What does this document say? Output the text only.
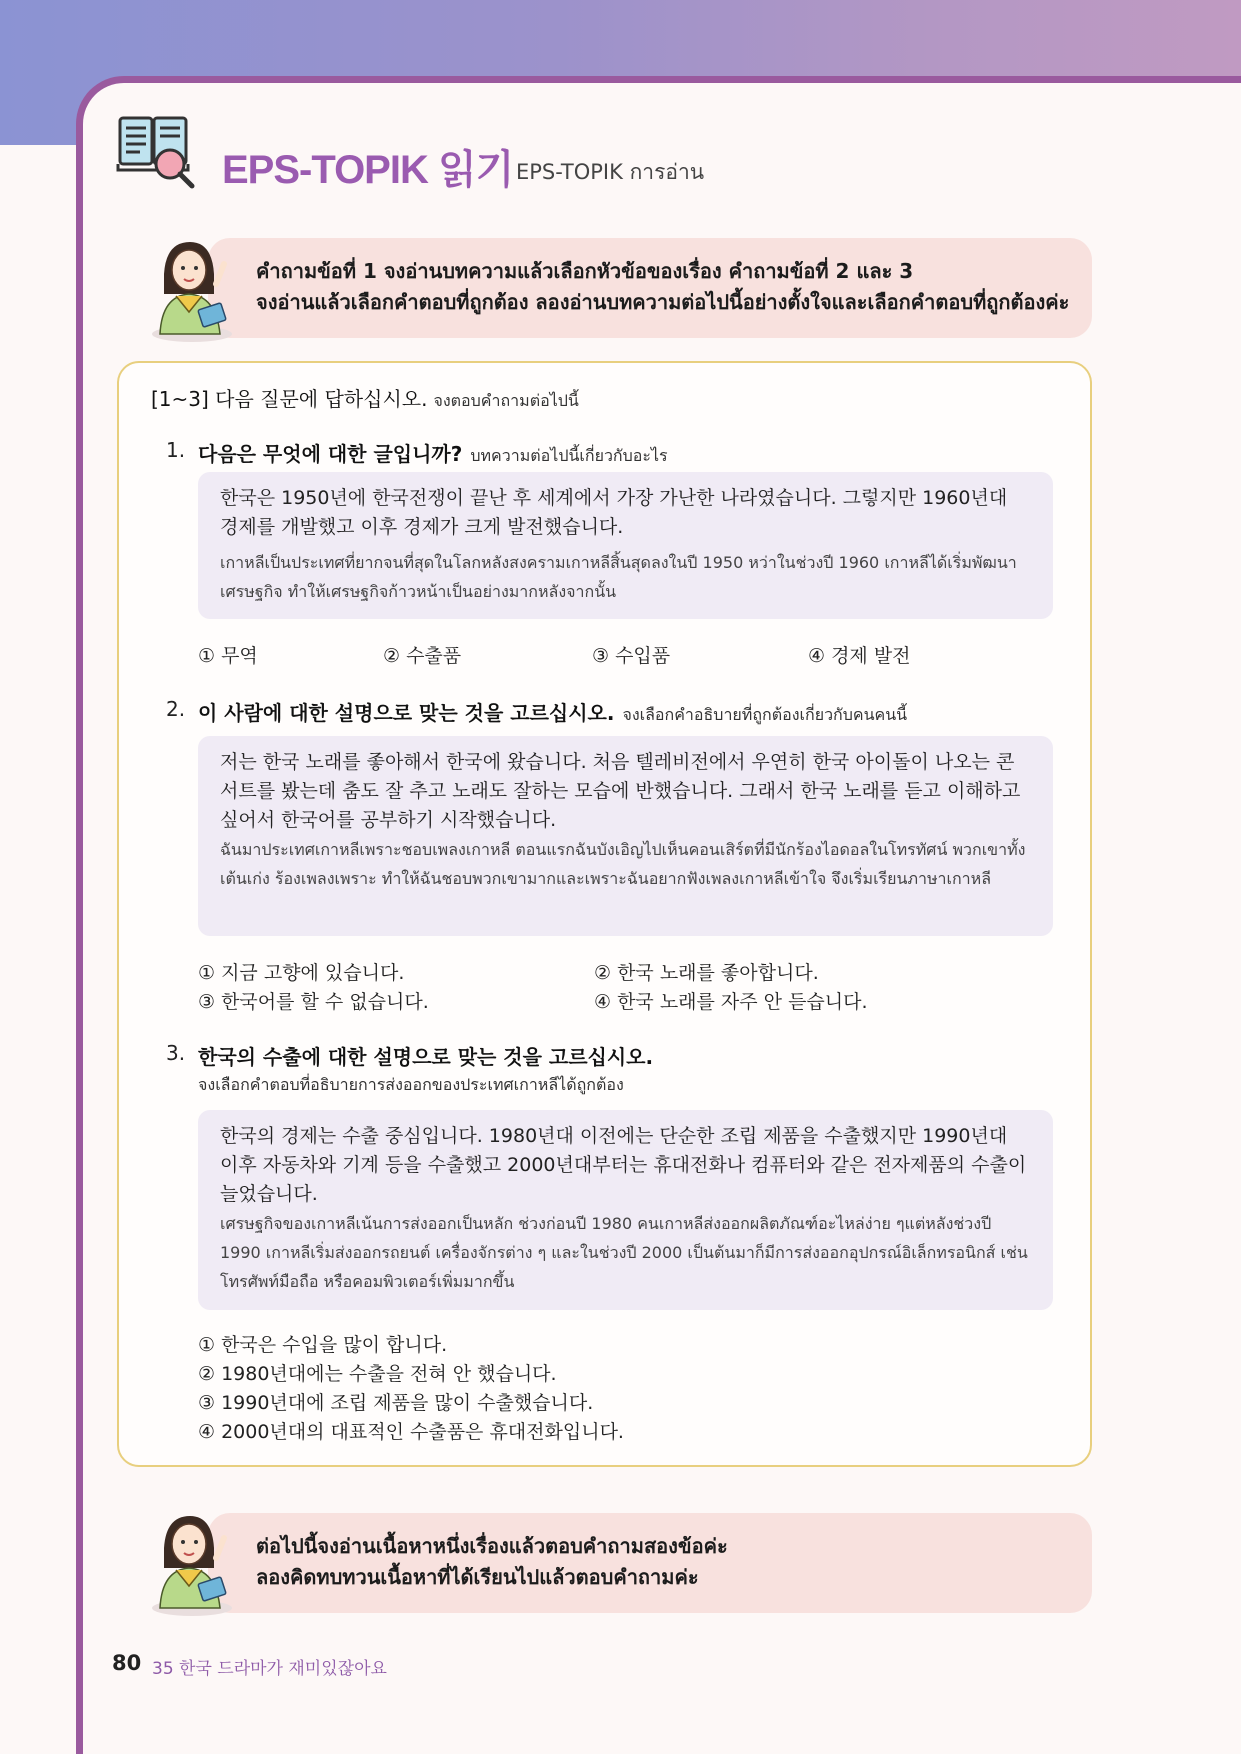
EPS-TOPIK 읽기 EPS-TOPIK การอ่าน
คำถามข้อที่ 1 จงอ่านบทความแล้วเลือกหัวข้อของเรื่อง คำถามข้อที่ 2 และ 3
จงอ่านแล้วเลือกคำตอบที่ถูกต้อง ลองอ่านบทความต่อไปนี้อย่างตั้งใจและเลือกคำตอบที่ถูกต้องค่ะ
[1~3] 다음 질문에 답하십시오. จงตอบคำถามต่อไปนี้
1. 다음은 무엇에 대한 글입니까? บทความต่อไปนี้เกี่ยวกับอะไร
한국은 1950년에 한국전쟁이 끝난 후 세계에서 가장 가난한 나라였습니다. 그렇지만 1960년대 경제를 개발했고 이후 경제가 크게 발전했습니다.
เกาหลีเป็นประเทศที่ยากจนที่สุดในโลกหลังสงครามเกาหลีสิ้นสุดลงในปี 1950 หว่าในช่วงปี 1960 เกาหลีได้เริ่มพัฒนาเศรษฐกิจ ทำให้เศรษฐกิจก้าวหน้าเป็นอย่างมากหลังจากนั้น
① 무역	② 수출품	③ 수입품	④ 경제 발전
2. 이 사람에 대한 설명으로 맞는 것을 고르십시오. จงเลือกคำอธิบายที่ถูกต้องเกี่ยวกับคนคนนี้
저는 한국 노래를 좋아해서 한국에 왔습니다. 처음 텔레비전에서 우연히 한국 아이돌이 나오는 콘서트를 봤는데 춤도 잘 추고 노래도 잘하는 모습에 반했습니다. 그래서 한국 노래를 듣고 이해하고 싶어서 한국어를 공부하기 시작했습니다.
ฉันมาประเทศเกาหลีเพราะชอบเพลงเกาหลี ตอนแรกฉันบังเอิญไปเห็นคอนเสิร์ตที่มีนักร้องไอดอลในโทรทัศน์ พวกเขาทั้งเต้นเก่ง ร้องเพลงเพราะ ทำให้ฉันชอบพวกเขามากและเพราะฉันอยากฟังเพลงเกาหลีเข้าใจ จึงเริ่มเรียนภาษาเกาหลี
① 지금 고향에 있습니다.	② 한국 노래를 좋아합니다.
③ 한국어를 할 수 없습니다.	④ 한국 노래를 자주 안 듣습니다.
3. 한국의 수출에 대한 설명으로 맞는 것을 고르십시오.
จงเลือกคำตอบที่อธิบายการส่งออกของประเทศเกาหลีได้ถูกต้อง
한국의 경제는 수출 중심입니다. 1980년대 이전에는 단순한 조립 제품을 수출했지만 1990년대 이후 자동차와 기계 등을 수출했고 2000년대부터는 휴대전화나 컴퓨터와 같은 전자제품의 수출이 늘었습니다.
เศรษฐกิจของเกาหลีเน้นการส่งออกเป็นหลัก ช่วงก่อนปี 1980 คนเกาหลีส่งออกผลิตภัณฑ์อะไหล่ง่าย ๆแต่หลังช่วงปี 1990 เกาหลีเริ่มส่งออกรถยนต์ เครื่องจักรต่าง ๆ และในช่วงปี 2000 เป็นต้นมาก็มีการส่งออกอุปกรณ์อิเล็กทรอนิกส์ เช่น โทรศัพท์มือถือ หรือคอมพิวเตอร์เพิ่มมากขึ้น
① 한국은 수입을 많이 합니다.
② 1980년대에는 수출을 전혀 안 했습니다.
③ 1990년대에 조립 제품을 많이 수출했습니다.
④ 2000년대의 대표적인 수출품은 휴대전화입니다.
ต่อไปนี้จงอ่านเนื้อหาหนึ่งเรื่องแล้วตอบคำถามสองข้อค่ะ
ลองคิดทบทวนเนื้อหาที่ได้เรียนไปแล้วตอบคำถามค่ะ
80 35 한국 드라마가 재미있잖아요
